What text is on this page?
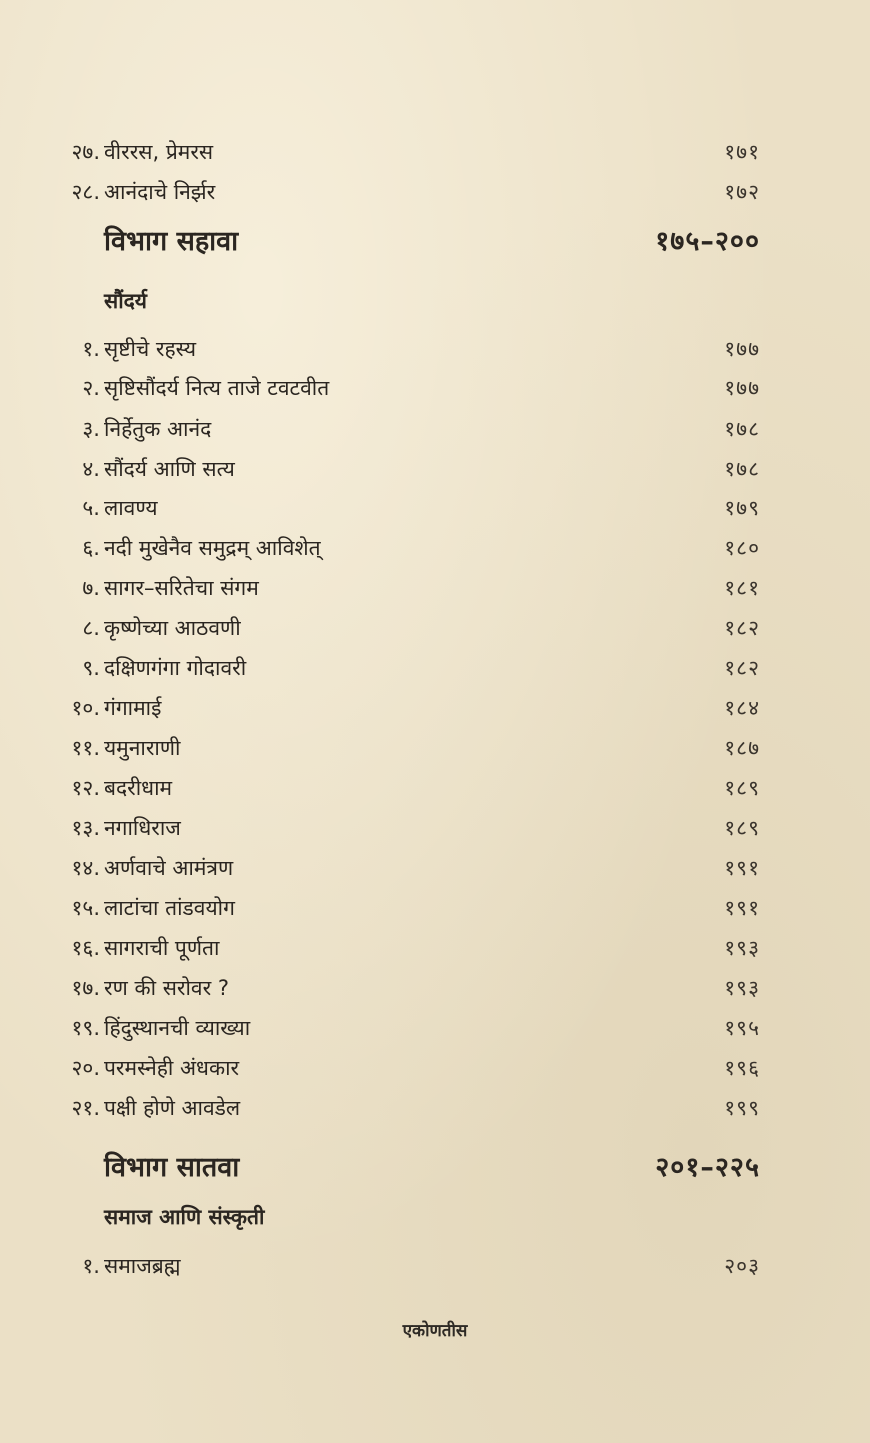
२७. वीररस, प्रेमरस	१७१
२८. आनंदाचे निर्झर	१७२
विभाग सहावा	१७५–२००
सौंदर्य
१. सृष्टीचे रहस्य	१७७
२. सृष्टिसौंदर्य नित्य ताजे टवटवीत	१७७
३. निर्हेतुक आनंद	१७८
४. सौंदर्य आणि सत्य	१७८
५. लावण्य	१७९
६. नदी मुखेनैव समुद्रम् आविशेत्	१८०
७. सागर–सरितेचा संगम	१८१
८. कृष्णेच्या आठवणी	१८२
९. दक्षिणगंगा गोदावरी	१८२
१०. गंगामाई	१८४
११. यमुनाराणी	१८७
१२. बदरीधाम	१८९
१३. नगाधिराज	१८९
१४. अर्णवाचे आमंत्रण	१९१
१५. लाटांचा तांडवयोग	१९१
१६. सागराची पूर्णता	१९३
१७. रण की सरोवर ?	१९३
१९. हिंदुस्थानची व्याख्या	१९५
२०. परमस्नेही अंधकार	१९६
२१. पक्षी होणे आवडेल	१९९
विभाग सातवा	२०१–२२५
समाज आणि संस्कृती
१. समाजब्रह्म	२०३
एकोणतीस
